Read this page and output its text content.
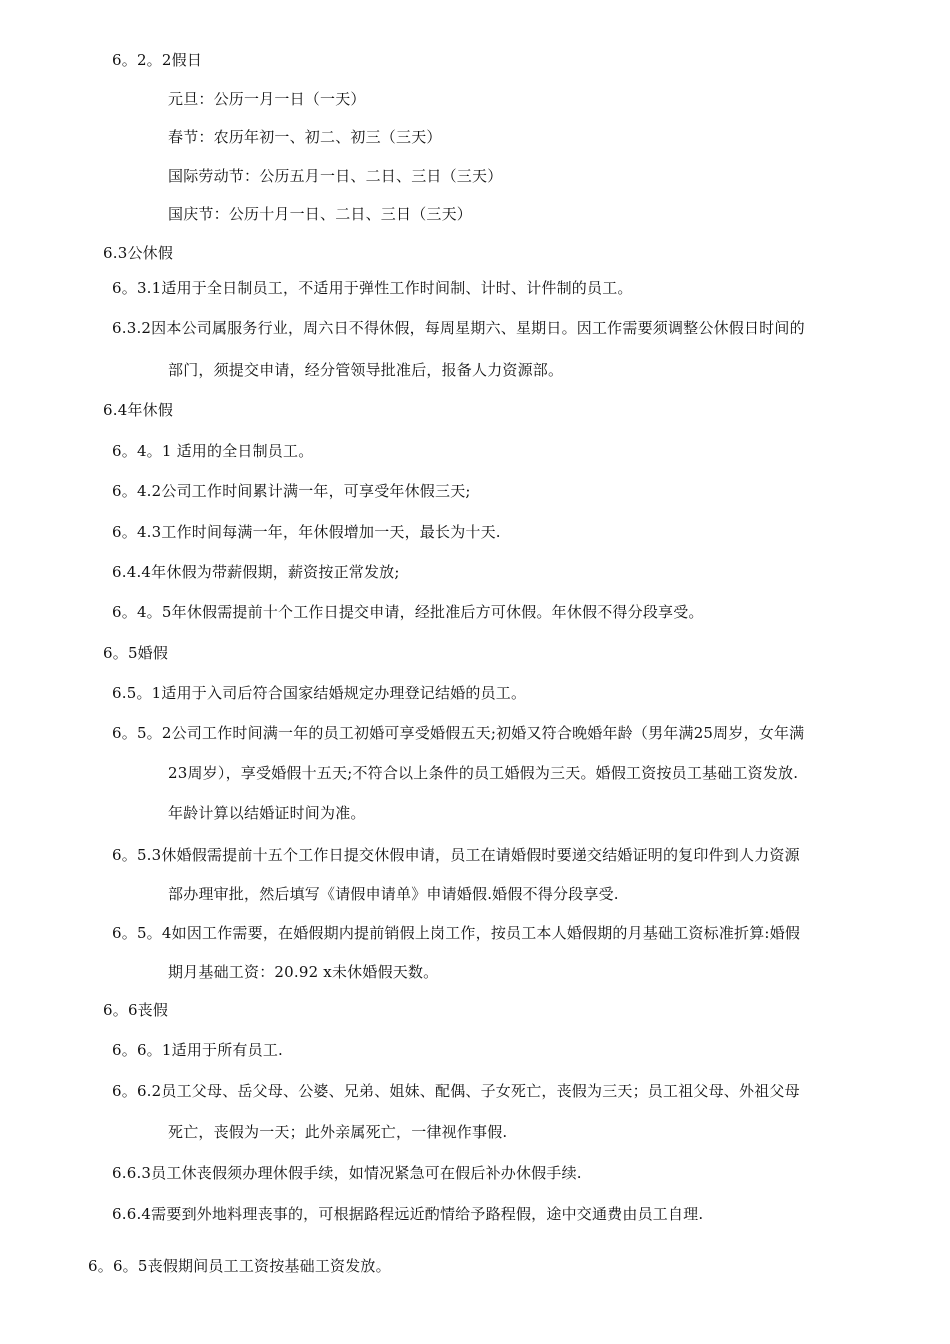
6。2。2假日
元旦：公历一月一日（一天）
春节：农历年初一、初二、初三（三天）
国际劳动节：公历五月一日、二日、三日（三天）
国庆节：公历十月一日、二日、三日（三天）
6.3公休假
6。3.1适用于全日制员工，不适用于弹性工作时间制、计时、计件制的员工。
6.3.2因本公司属服务行业，周六日不得休假，每周星期六、星期日。因工作需要须调整公休假日时间的
部门，须提交申请，经分管领导批准后，报备人力资源部。
6.4年休假
6。4。1 适用的全日制员工。
6。4.2公司工作时间累计满一年，可享受年休假三天;
6。4.3工作时间每满一年，年休假增加一天，最长为十天.
6.4.4年休假为带薪假期，薪资按正常发放;
6。4。5年休假需提前十个工作日提交申请，经批准后方可休假。年休假不得分段享受。
6。5婚假
6.5。1适用于入司后符合国家结婚规定办理登记结婚的员工。
6。5。2公司工作时间满一年的员工初婚可享受婚假五天;初婚又符合晚婚年龄（男年满25周岁，女年满
23周岁），享受婚假十五天;不符合以上条件的员工婚假为三天。婚假工资按员工基础工资发放.
年龄计算以结婚证时间为准。
6。5.3休婚假需提前十五个工作日提交休假申请，员工在请婚假时要递交结婚证明的复印件到人力资源
部办理审批，然后填写《请假申请单》申请婚假.婚假不得分段享受.
6。5。4如因工作需要，在婚假期内提前销假上岗工作，按员工本人婚假期的月基础工资标准折算:婚假
期月基础工资：20.92 x未休婚假天数。
6。6丧假
6。6。1适用于所有员工.
6。6.2员工父母、岳父母、公婆、兄弟、姐妹、配偶、子女死亡，丧假为三天；员工祖父母、外祖父母
死亡，丧假为一天；此外亲属死亡，一律视作事假.
6.6.3员工休丧假须办理休假手续，如情况紧急可在假后补办休假手续.
6.6.4需要到外地料理丧事的，可根据路程远近酌情给予路程假，途中交通费由员工自理.
6。6。5丧假期间员工工资按基础工资发放。
